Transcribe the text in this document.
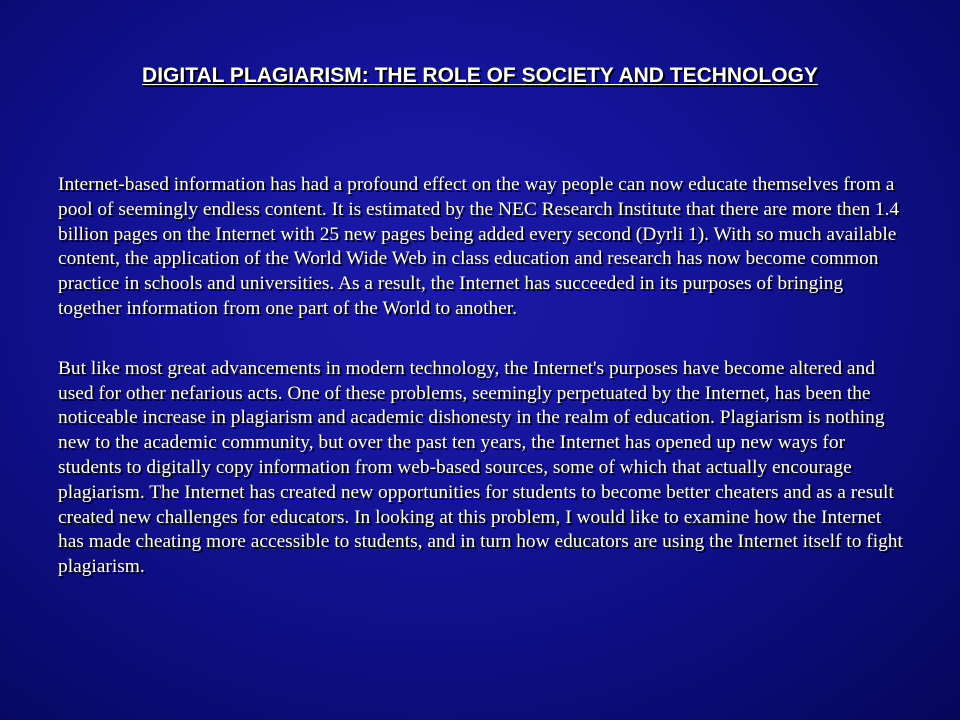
DIGITAL PLAGIARISM: THE ROLE OF SOCIETY AND TECHNOLOGY

Internet-based information has had a profound effect on the way people can now educate themselves from a pool of seemingly endless content. It is estimated by the NEC Research Institute that there are more then 1.4 billion pages on the Internet with 25 new pages being added every second (Dyrli 1). With so much available content, the application of the World Wide Web in class education and research has now become common practice in schools and universities. As a result, the Internet has succeeded in its purposes of bringing together information from one part of the World to another.

But like most great advancements in modern technology, the Internet's purposes have become altered and used for other nefarious acts. One of these problems, seemingly perpetuated by the Internet, has been the noticeable increase in plagiarism and academic dishonesty in the realm of education. Plagiarism is nothing new to the academic community, but over the past ten years, the Internet has opened up new ways for students to digitally copy information from web-based sources, some of which that actually encourage plagiarism. The Internet has created new opportunities for students to become better cheaters and as a result created new challenges for educators. In looking at this problem, I would like to examine how the Internet has made cheating more accessible to students, and in turn how educators are using the Internet itself to fight plagiarism.
